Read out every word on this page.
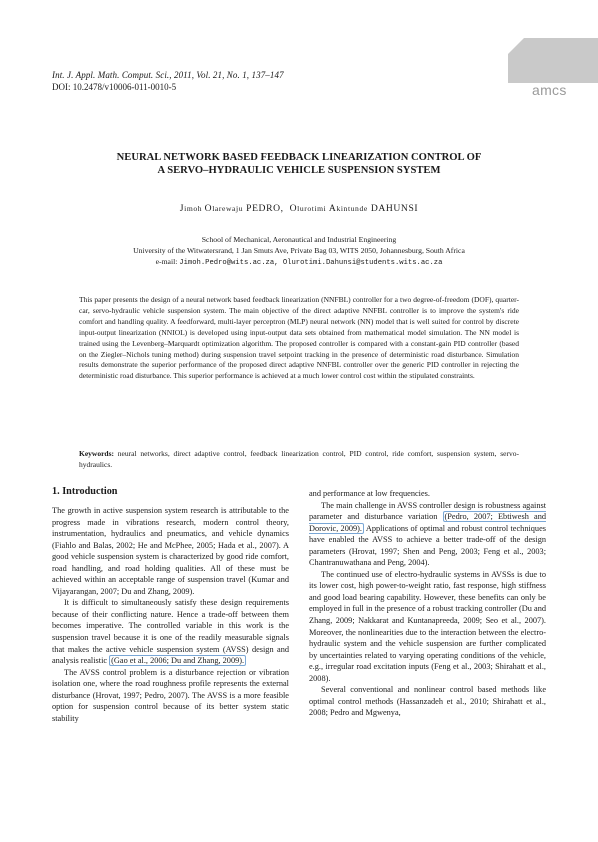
Int. J. Appl. Math. Comput. Sci., 2011, Vol. 21, No. 1, 137–147
DOI: 10.2478/v10006-011-0010-5	amcs
NEURAL NETWORK BASED FEEDBACK LINEARIZATION CONTROL OF
A SERVO–HYDRAULIC VEHICLE SUSPENSION SYSTEM
Jimoh Olarewaju PEDRO, Olurotimi Akintunde DAHUNSI
School of Mechanical, Aeronautical and Industrial Engineering
University of the Witwatersrand, 1 Jan Smuts Ave, Private Bag 03, WITS 2050, Johannesburg, South Africa
e-mail: Jimoh.Pedro@wits.ac.za, Olurotimi.Dahunsi@students.wits.ac.za
This paper presents the design of a neural network based feedback linearization (NNFBL) controller for a two degree-of-freedom (DOF), quarter-car, servo-hydraulic vehicle suspension system. The main objective of the direct adaptive NNFBL controller is to improve the system's ride comfort and handling quality. A feedforward, multi-layer perceptron (MLP) neural network (NN) model that is well suited for control by discrete input-output linearization (NNIOL) is developed using input-output data sets obtained from mathematical model simulation. The NN model is trained using the Levenberg–Marquardt optimization algorithm. The proposed controller is compared with a constant-gain PID controller (based on the Ziegler–Nichols tuning method) during suspension travel setpoint tracking in the presence of deterministic road disturbance. Simulation results demonstrate the superior performance of the proposed direct adaptive NNFBL controller over the generic PID controller in rejecting the deterministic road disturbance. This superior performance is achieved at a much lower control cost within the stipulated constraints.
Keywords: neural networks, direct adaptive control, feedback linearization control, PID control, ride comfort, suspension system, servo-hydraulics.
1. Introduction

The growth in active suspension system research is attributable to the progress made in vibrations research, modern control theory, instrumentation, hydraulics and pneumatics, and vehicle dynamics (Fiahlo and Balas, 2002; He and McPhee, 2005; Hada et al., 2007). A good vehicle suspension system is characterized by good ride comfort, road handling, and road holding qualities. All of these must be achieved within an acceptable range of suspension travel (Kumar and Vijayarangan, 2007; Du and Zhang, 2009).

It is difficult to simultaneously satisfy these design requirements because of their conflicting nature. Hence a trade-off between them becomes imperative. The controlled variable in this work is the suspension travel because it is one of the readily measurable signals that makes the active vehicle suspension system (AVSS) design and analysis realistic (Gao et al., 2006; Du and Zhang, 2009).

The AVSS control problem is a disturbance rejection or vibration isolation one, where the road roughness profile represents the external disturbance (Hrovat, 1997; Pedro, 2007). The AVSS is a more feasible option for suspension control because of its better system static stability

and performance at low frequencies.

The main challenge in AVSS controller design is robustness against parameter and disturbance variation (Pedro, 2007; Ebtiwesh and Dorovic, 2009). Applications of optimal and robust control techniques have enabled the AVSS to achieve a better trade-off of the design parameters (Hrovat, 1997; Shen and Peng, 2003; Feng et al., 2003; Chantranuwathana and Peng, 2004).

The continued use of electro-hydraulic systems in AVSSs is due to its lower cost, high power-to-weight ratio, fast response, high stiffness and good load bearing capability. However, these benefits can only be employed in full in the presence of a robust tracking controller (Du and Zhang, 2009; Nakkarat and Kuntanapreeda, 2009; Seo et al., 2007). Moreover, the nonlinearities due to the interaction between the electro-hydraulic system and the vehicle suspension are further complicated by uncertainties related to varying operating conditions of the vehicle, e.g., irregular road excitation inputs (Feng et al., 2003; Shirahatt et al., 2008).

Several conventional and nonlinear control based methods like optimal control methods (Hassanzadeh et al., 2010; Shirahatt et al., 2008; Pedro and Mgwenya,
